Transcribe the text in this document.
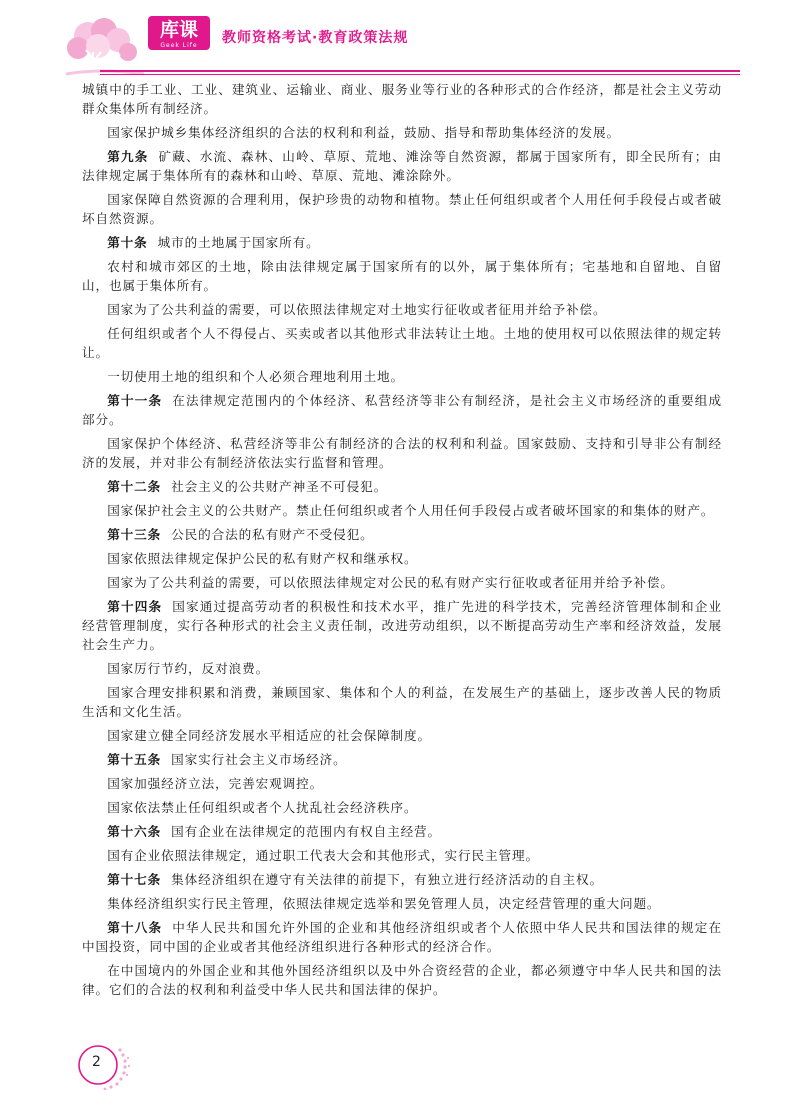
库课
Geek Life	教师资格考试·教育政策法规

城镇中的手工业、工业、建筑业、运输业、商业、服务业等行业的各种形式的合作经济，都是社会主义劳动群众集体所有制经济。

国家保护城乡集体经济组织的合法的权利和利益，鼓励、指导和帮助集体经济的发展。

第九条 矿藏、水流、森林、山岭、草原、荒地、滩涂等自然资源，都属于国家所有，即全民所有；由法律规定属于集体所有的森林和山岭、草原、荒地、滩涂除外。

国家保障自然资源的合理利用，保护珍贵的动物和植物。禁止任何组织或者个人用任何手段侵占或者破坏自然资源。

第十条 城市的土地属于国家所有。

农村和城市郊区的土地，除由法律规定属于国家所有的以外，属于集体所有；宅基地和自留地、自留山，也属于集体所有。

国家为了公共利益的需要，可以依照法律规定对土地实行征收或者征用并给予补偿。

任何组织或者个人不得侵占、买卖或者以其他形式非法转让土地。土地的使用权可以依照法律的规定转让。

一切使用土地的组织和个人必须合理地利用土地。

第十一条 在法律规定范围内的个体经济、私营经济等非公有制经济，是社会主义市场经济的重要组成部分。

国家保护个体经济、私营经济等非公有制经济的合法的权利和利益。国家鼓励、支持和引导非公有制经济的发展，并对非公有制经济依法实行监督和管理。

第十二条 社会主义的公共财产神圣不可侵犯。

国家保护社会主义的公共财产。禁止任何组织或者个人用任何手段侵占或者破坏国家的和集体的财产。

第十三条 公民的合法的私有财产不受侵犯。

国家依照法律规定保护公民的私有财产权和继承权。

国家为了公共利益的需要，可以依照法律规定对公民的私有财产实行征收或者征用并给予补偿。

第十四条 国家通过提高劳动者的积极性和技术水平，推广先进的科学技术，完善经济管理体制和企业经营管理制度，实行各种形式的社会主义责任制，改进劳动组织，以不断提高劳动生产率和经济效益，发展社会生产力。

国家厉行节约，反对浪费。

国家合理安排积累和消费，兼顾国家、集体和个人的利益，在发展生产的基础上，逐步改善人民的物质生活和文化生活。

国家建立健全同经济发展水平相适应的社会保障制度。

第十五条 国家实行社会主义市场经济。

国家加强经济立法，完善宏观调控。

国家依法禁止任何组织或者个人扰乱社会经济秩序。

第十六条 国有企业在法律规定的范围内有权自主经营。

国有企业依照法律规定，通过职工代表大会和其他形式，实行民主管理。

第十七条 集体经济组织在遵守有关法律的前提下，有独立进行经济活动的自主权。

集体经济组织实行民主管理，依照法律规定选举和罢免管理人员，决定经营管理的重大问题。

第十八条 中华人民共和国允许外国的企业和其他经济组织或者个人依照中华人民共和国法律的规定在中国投资，同中国的企业或者其他经济组织进行各种形式的经济合作。

在中国境内的外国企业和其他外国经济组织以及中外合资经营的企业，都必须遵守中华人民共和国的法律。它们的合法的权利和利益受中华人民共和国法律的保护。

2
